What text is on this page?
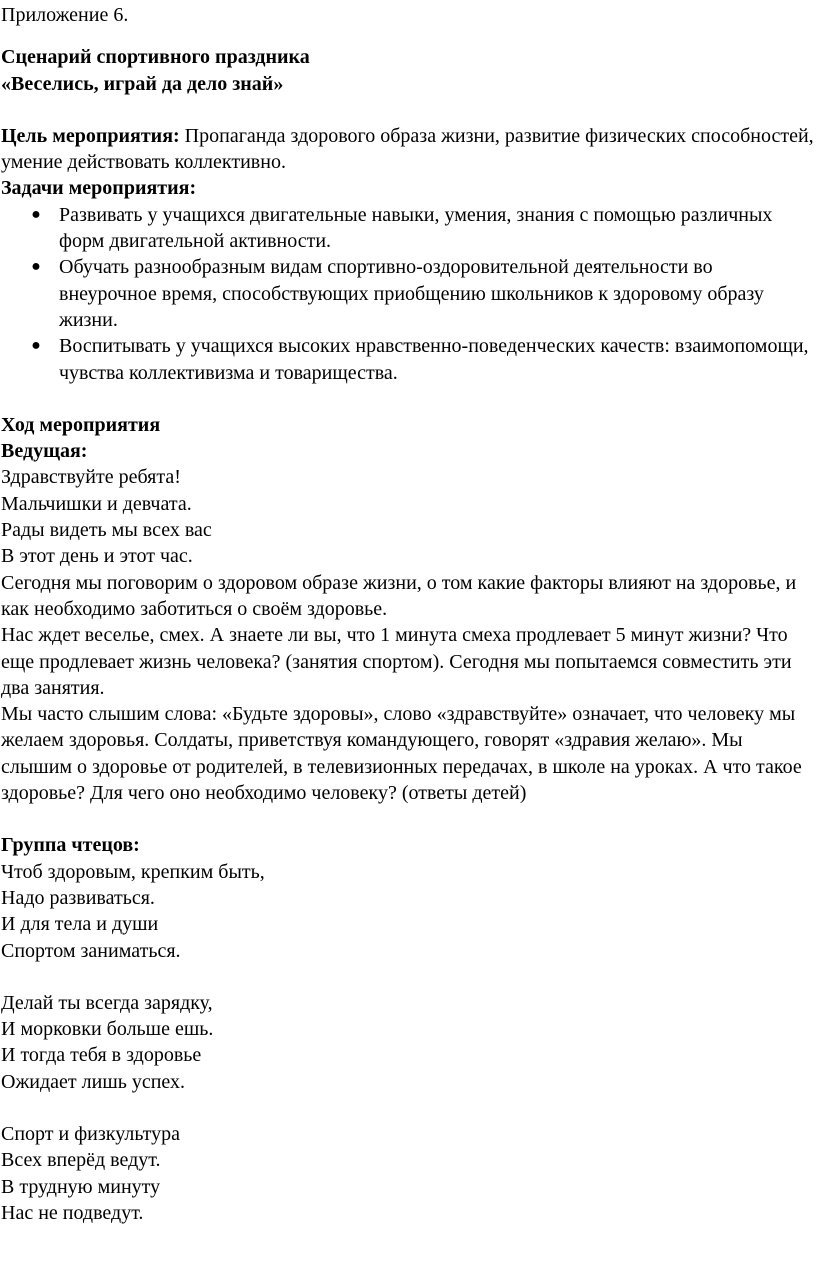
Приложение 6.

Сценарий спортивного праздника

«Веселись, играй да дело знай»

Цель мероприятия: Пропаганда здорового образа жизни, развитие физических способностей, умение действовать коллективно.

Задачи мероприятия:

● Развивать у учащихся двигательные навыки, умения, знания с помощью различных форм двигательной активности.
● Обучать разнообразным видам спортивно-оздоровительной деятельности во внеурочное время, способствующих приобщению школьников к здоровому образу жизни.
● Воспитывать у учащихся высоких нравственно-поведенческих качеств: взаимопомощи, чувства коллективизма и товарищества.

Ход мероприятия

Ведущая:

Здравствуйте ребята!

Мальчишки и девчата.

Рады видеть мы всех вас

В этот день и этот час.

Сегодня мы поговорим о здоровом образе жизни, о том какие факторы влияют на здоровье, и как необходимо заботиться о своём здоровье.

Нас ждет веселье, смех. А знаете ли вы, что 1 минута смеха продлевает 5 минут жизни? Что еще продлевает жизнь человека? (занятия спортом). Сегодня мы попытаемся совместить эти два занятия.

Мы часто слышим слова: «Будьте здоровы», слово «здравствуйте» означает, что человеку мы желаем здоровья. Солдаты, приветствуя командующего, говорят «здравия желаю». Мы слышим о здоровье от родителей, в телевизионных передачах, в школе на уроках. А что такое здоровье? Для чего оно необходимо человеку? (ответы детей)

Группа чтецов:

Чтоб здоровым, крепким быть,

Надо развиваться.

И для тела и души

Спортом заниматься.

Делай ты всегда зарядку,

И морковки больше ешь.

И тогда тебя в здоровье

Ожидает лишь успех.

Спорт и физкультура

Всех вперёд ведут.

В трудную минуту

Нас не подведут.
